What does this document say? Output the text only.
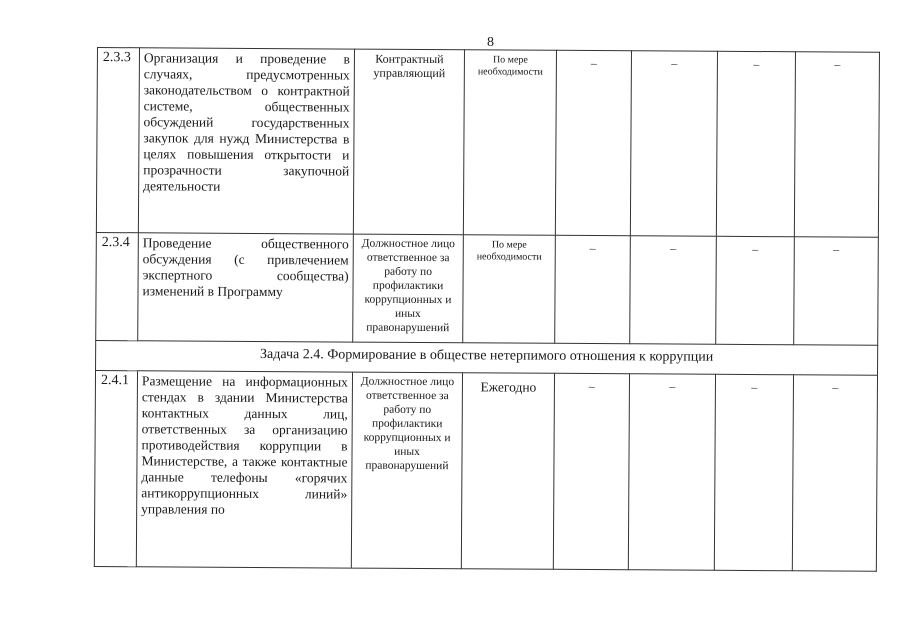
8
2.3.3	Организация и проведение в случаях, предусмотренных законодательством о контрактной системе, общественных обсуждений государственных закупок для нужд Министерства в целях повышения открытости и прозрачности закупочной деятельности	Контрактный управляющий	По мере необходимости	–	–	–	–
2.3.4	Проведение общественного обсуждения (с привлечением экспертного сообщества) изменений в Программу	Должностное лицо ответственное за работу по профилактики коррупционных и иных правонарушений	По мере необходимости	–	–	–	–
Задача 2.4. Формирование в обществе нетерпимого отношения к коррупции							
2.4.1	Размещение на информационных стендах в здании Министерства контактных данных лиц, ответственных за организацию противодействия коррупции в Министерстве, а также контактные данные телефоны «горячих антикоррупционных линий» управления по	Должностное лицо ответственное за работу по профилактики коррупционных и иных правонарушений	Ежегодно	–	–	–	–
